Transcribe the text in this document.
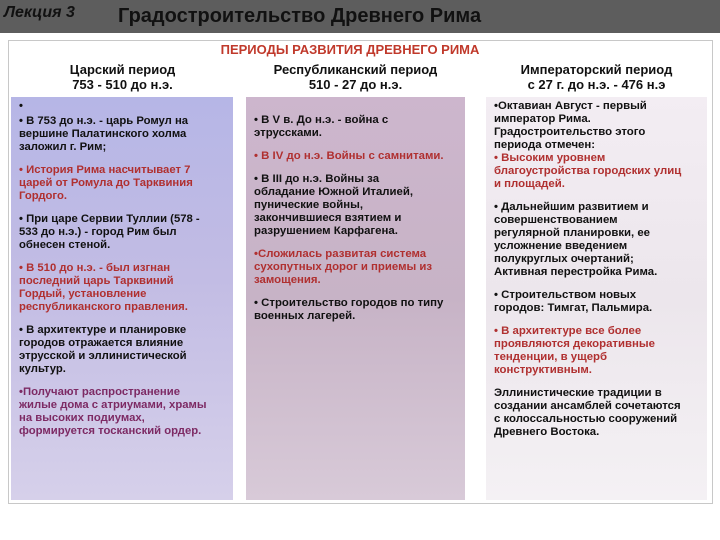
Лекция 3 Градостроительство Древнего Рима
ПЕРИОДЫ РАЗВИТИЯ ДРЕВНЕГО РИМА
Царский период
753 - 510 до н.э.
Республиканский период
510 - 27 до н.э.
Императорский период
с 27 г. до н.э. - 476 н.э
•
• В 753 до н.э. - царь Ромул на
вершине Палатинского холма
заложил г. Рим;
• История Рима насчитывает 7
царей от Ромула до Тарквиния
Гордого.
• При царе Сервии Туллии (578 -
533 до н.э.) - город Рим был
обнесен стеной.
• В 510 до н.э. - был изгнан
последний царь Тарквиний
Гордый, установление
республиканского правления.
• В архитектуре и планировке
городов отражается влияние
этрусской и эллинистической
культур.
•Получают распространение
жилые дома с атриумами, храмы
на высоких подиумах,
формируется тосканский ордер.
• В V в. До н.э. - война с
этруссками.
• В IV до н.э. Войны с самнитами.
• В III до н.э. Войны за
обладание Южной Италией,
пунические войны,
закончившиеся взятием и
разрушением Карфагена.
•Сложилась развитая система
сухопутных дорог и приемы из
замощения.
• Строительство городов по типу
военных лагерей.
•Октавиан Август - первый
император Рима.
Градостроительство этого
периода отмечен:
• Высоким уровнем
благоустройства городских улиц
и площадей.
• Дальнейшим развитием и
совершенствованием
регулярной планировки, ее
усложнение введением
полукруглых очертаний;
Активная перестройка Рима.
• Строительством новых
городов: Тимгат, Пальмира.
• В архитектуре все более
проявляются декоративные
тенденции, в ущерб
конструктивным.
Эллинистические традиции в
создании ансамблей сочетаются
с колоссальностью сооружений
Древнего Востока.
